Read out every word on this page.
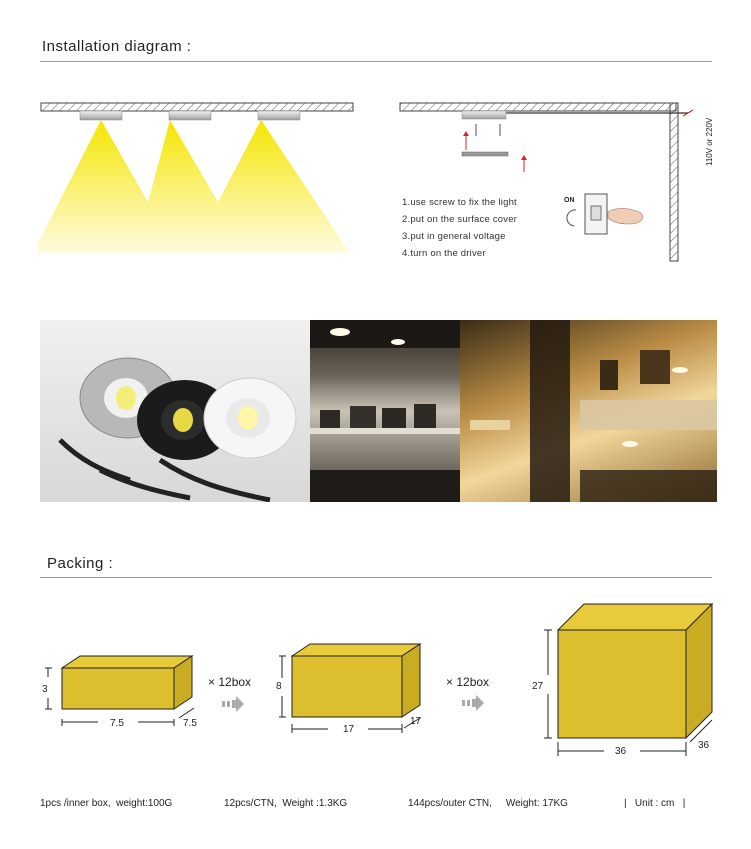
Installation diagram :
ON
110V or 220V
1.use screw to fix the light
2.put on the surface cover
3.put in general voltage
4.turn on the driver
Packing :
3
7.5	7.5
× 12box 8
17
17
× 12box	27
36
36
1pcs /inner box,  weight:100G	12pcs/CTN,  Weight :1.3KG	144pcs/outer CTN,     Weight: 17KG	|   Unit : cm   |
